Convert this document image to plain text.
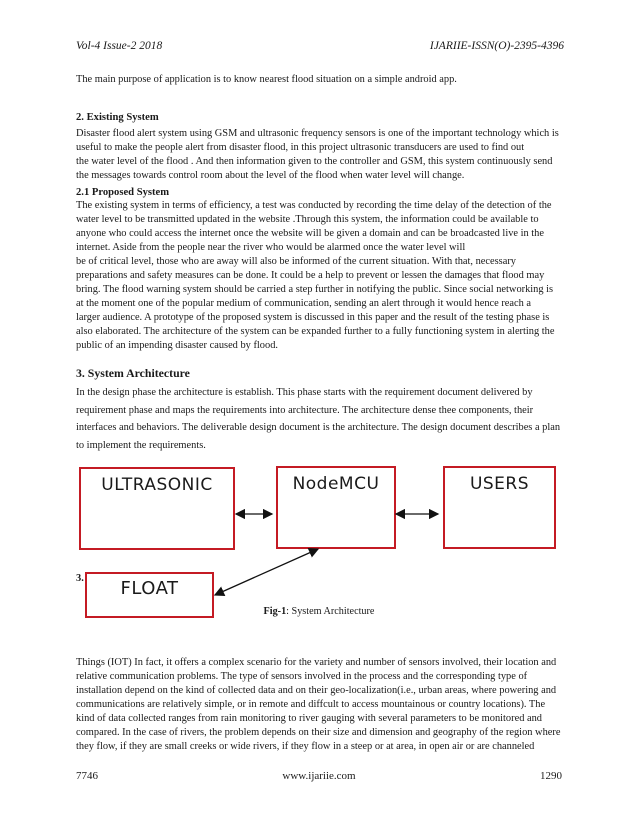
Vol-4 Issue-2 2018	IJARIIE-ISSN(O)-2395-4396

The main purpose of application is to know nearest flood situation on a simple android app.

2. Existing System
Disaster flood alert system using GSM and ultrasonic frequency sensors is one of the important technology which is
useful to make the people alert from disaster flood, in this project ultrasonic transducers are used to find out
the water level of the flood . And then information given to the controller and GSM, this system continuously send
the messages towards control room about the level of the flood when water level will change.
2.1 Proposed System
The existing system in terms of efficiency, a test was conducted by recording the time delay of the detection of the
water level to be transmitted updated in the website .Through this system, the information could be available to
anyone who could access the internet once the website will be given a domain and can be broadcasted live in the
internet. Aside from the people near the river who would be alarmed once the water level will
be of critical level, those who are away will also be informed of the current situation. With that, necessary
preparations and safety measures can be done. It could be a help to prevent or lessen the damages that flood may
bring. The flood warning system should be carried a step further in notifying the public. Since social networking is
at the moment one of the popular medium of communication, sending an alert through it would hence reach a
larger audience. A prototype of the proposed system is discussed in this paper and the result of the testing phase is
also elaborated. The architecture of the system can be expanded further to a fully functioning system in alerting the
public of an impending disaster caused by flood.
3. System Architecture
In the design phase the architecture is establish. This phase starts with the requirement document delivered by
requirement phase and maps the requirements into architecture. The architecture dense thee components, their
interfaces and behaviors. The deliverable design document is the architecture. The design document describes a plan
to implement the requirements.
ULTRASONIC	NodeMCU	USERS
3.	FLOAT
Fig-1: System Architecture
Things (IOT) In fact, it offers a complex scenario for the variety and number of sensors involved, their location and
relative communication problems. The type of sensors involved in the process and the corresponding type of
installation depend on the kind of collected data and on their geo-localization(i.e., urban areas, where powering and
communications are relatively simple, or in remote and diffcult to access mountainous or country locations). The
kind of data collected ranges from rain monitoring to river gauging with several parameters to be monitored and
compared. In the case of rivers, the problem depends on their size and dimension and geography of the region where
they flow, if they are small creeks or wide rivers, if they flow in a steep or at area, in open air or are channeled
7746	www.ijariie.com	1290
